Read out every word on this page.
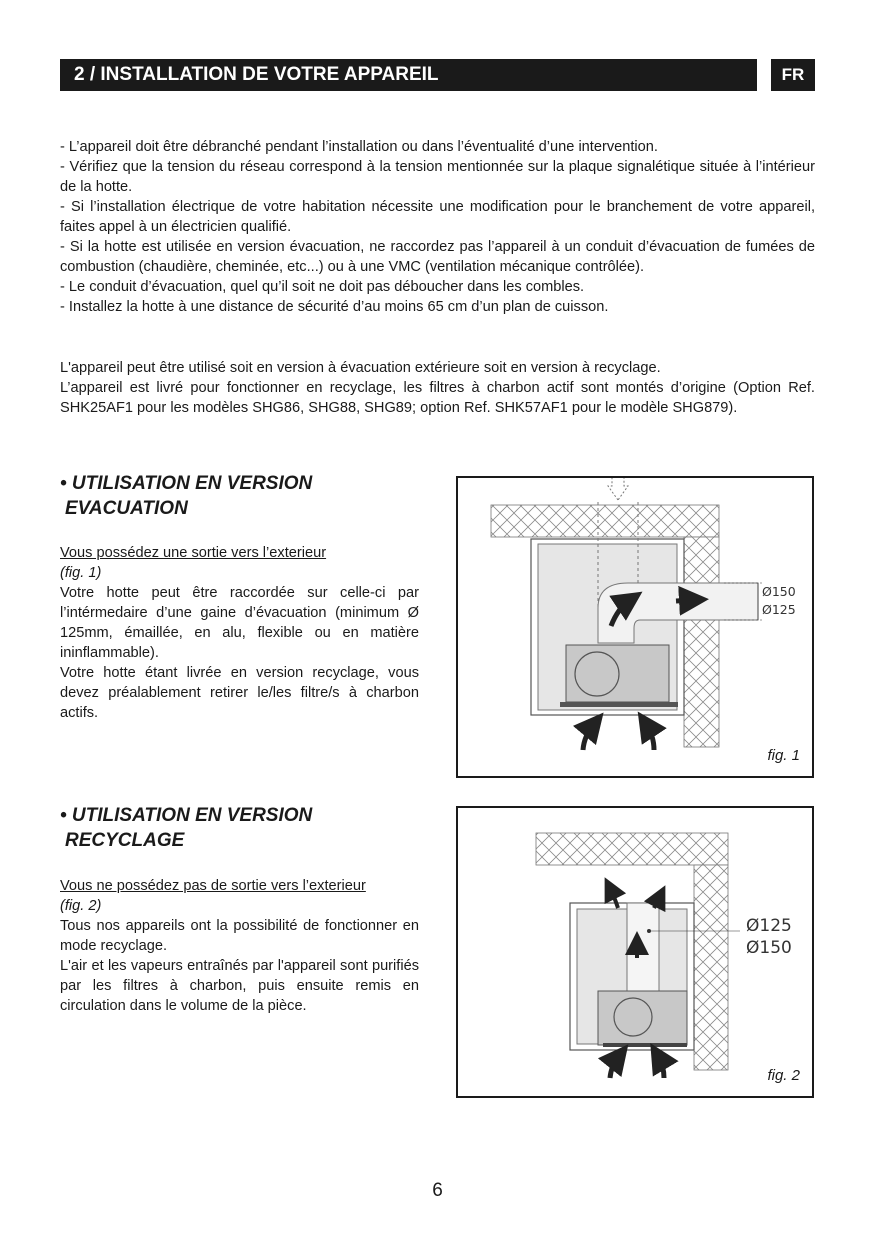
2 / INSTALLATION DE VOTRE APPAREIL	FR
- L’appareil doit être débranché pendant l’installation ou dans l’éventualité d’une intervention.
- Vérifiez que la tension du réseau correspond à la tension mentionnée sur la plaque signalétique située à l’intérieur de la hotte.
- Si l’installation électrique de votre habitation nécessite une modification pour le branchement de votre appareil, faites appel à un électricien qualifié.
- Si la hotte est utilisée en version évacuation, ne raccordez pas l’appareil à un conduit d’évacuation de fumées de combustion (chaudière, cheminée, etc...) ou à une VMC (ventilation mécanique contrôlée).
- Le conduit d’évacuation, quel qu’il soit ne doit pas déboucher dans les combles.
- Installez la hotte à une distance de sécurité d’au moins 65 cm d’un plan de cuisson.

L'appareil peut être utilisé soit en version à évacuation extérieure soit en version à recyclage.

L’appareil est livré pour fonctionner en recyclage, les filtres à charbon actif sont montés d’origine (Option Ref. SHK25AF1 pour les modèles SHG86, SHG88, SHG89; option Ref. SHK57AF1 pour le modèle SHG879).

• UTILISATION EN VERSION
EVACUATION

Vous possédez une sortie vers l’exterieur

(fig. 1)

Votre hotte peut être raccordée sur celle-ci par l’intérmedaire d’une gaine d’évacuation (minimum Ø 125mm, émaillée, en alu, flexible ou en matière ininflammable).

Votre hotte étant livrée en version recyclage, vous devez préalablement retirer le/les filtre/s à charbon actifs.

Ø150
Ø125
fig. 1
• UTILISATION EN VERSION
RECYCLAGE

Vous ne possédez pas de sortie vers l’exterieur

(fig. 2)

Tous nos appareils ont la possibilité de fonctionner en mode recyclage.

L'air et les vapeurs entraînés par l'appareil sont purifiés par les filtres à charbon, puis ensuite remis en circulation dans le volume de la pièce.

Ø125
Ø150
fig. 2
6
